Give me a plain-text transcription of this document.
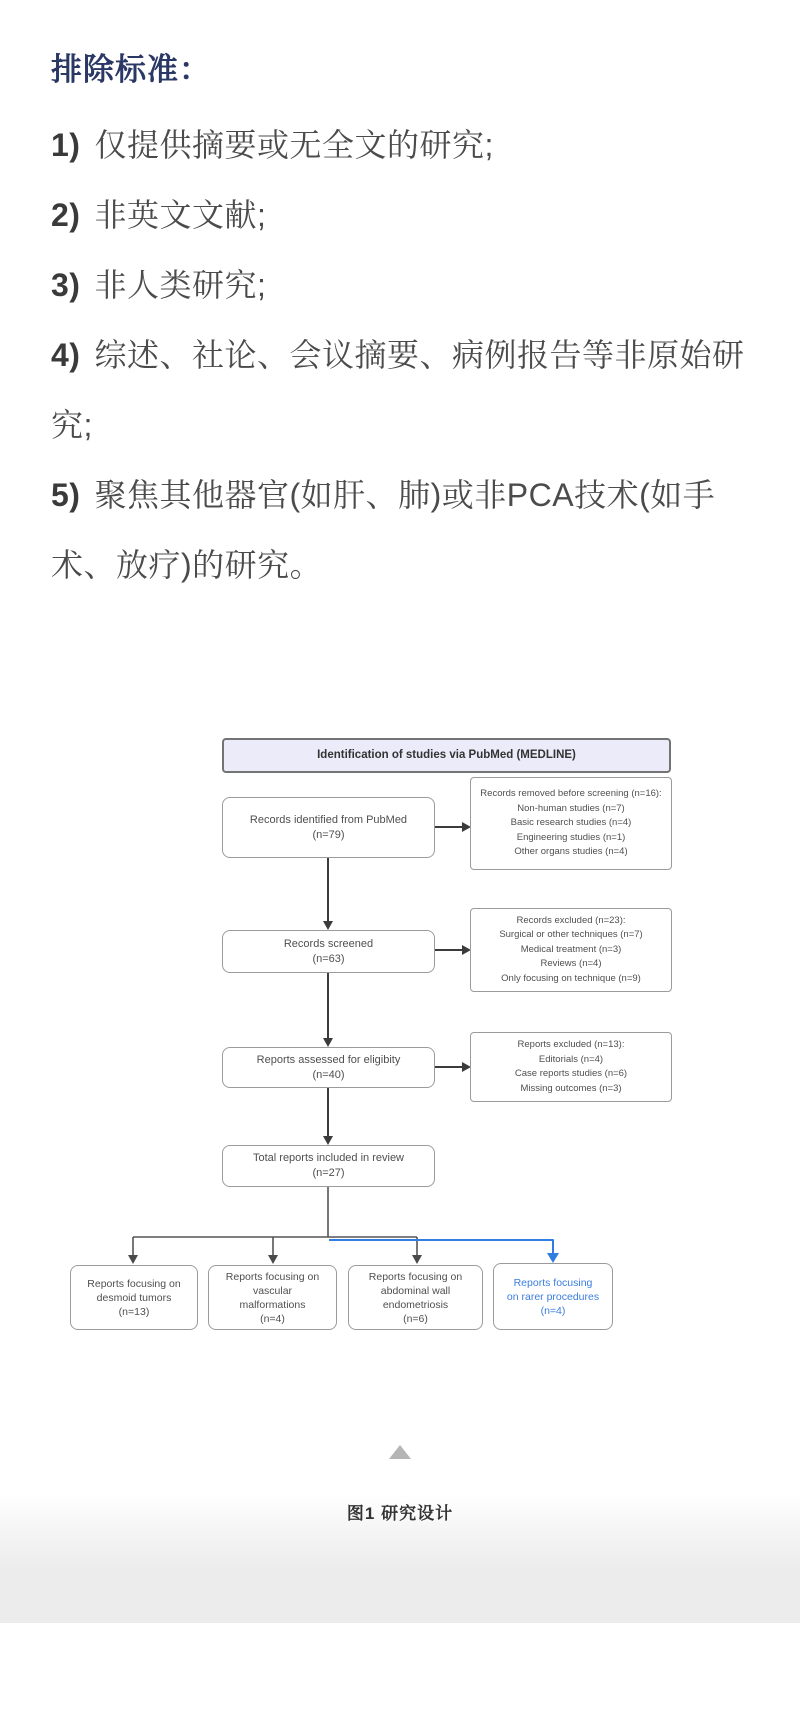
排除标准：

1) 仅提供摘要或无全文的研究;

2) 非英文文献;

3) 非人类研究;

4) 综述、社论、会议摘要、病例报告等非原始研究;

5) 聚焦其他器官(如肝、肺)或非PCA技术(如手术、放疗)的研究。

Identification of studies via PubMed (MEDLINE)
Records identified from PubMed
(n=79)
Records removed before screening (n=16):
Non-human studies (n=7)
Basic research studies (n=4)
Engineering studies (n=1)
Other organs studies (n=4)
Records screened
(n=63)
Records excluded (n=23):
Surgical or other techniques (n=7)
Medical treatment (n=3)
Reviews (n=4)
Only focusing on technique (n=9)
Reports assessed for eligibity
(n=40)
Reports excluded (n=13):
Editorials (n=4)
Case reports studies (n=6)
Missing outcomes (n=3)
Total reports included in review
(n=27)
Reports focusing on
desmoid tumors
(n=13)
Reports focusing on
vascular
malformations
(n=4)
Reports focusing on
abdominal wall
endometriosis
(n=6)
Reports focusing
on rarer procedures
(n=4)
图1 研究设计
